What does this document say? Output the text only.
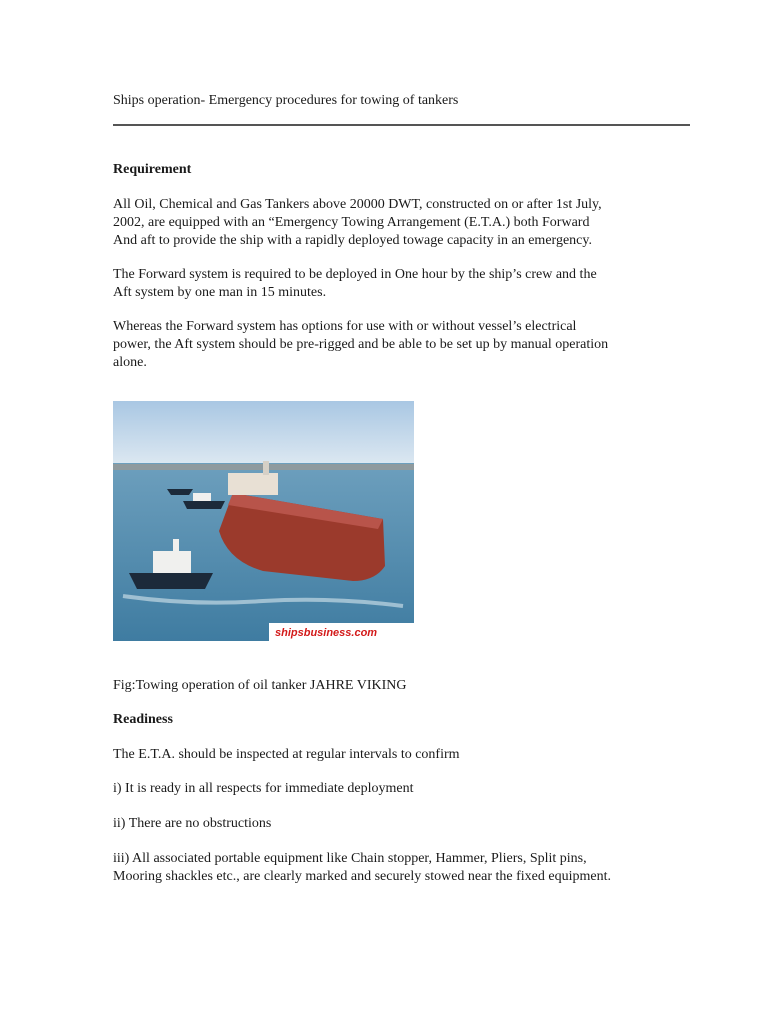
Ships operation- Emergency procedures for towing of tankers
Requirement
All Oil, Chemical and Gas Tankers above 20000 DWT, constructed on or after 1st July,
2002, are equipped with an “Emergency Towing Arrangement (E.T.A.) both Forward
And aft to provide the ship with a rapidly deployed towage capacity in an emergency.
The Forward system is required to be deployed in One hour by the ship’s crew and the
Aft system by one man in 15 minutes.
Whereas the Forward system has options for use with or without vessel’s electrical
power, the Aft system should be pre-rigged and be able to be set up by manual operation
alone.
shipsbusiness.com
Fig:Towing operation of oil tanker JAHRE VIKING
Readiness
The E.T.A. should be inspected at regular intervals to confirm
i) It is ready in all respects for immediate deployment
ii) There are no obstructions
iii) All associated portable equipment like Chain stopper, Hammer, Pliers, Split pins,
Mooring shackles etc., are clearly marked and securely stowed near the fixed equipment.
